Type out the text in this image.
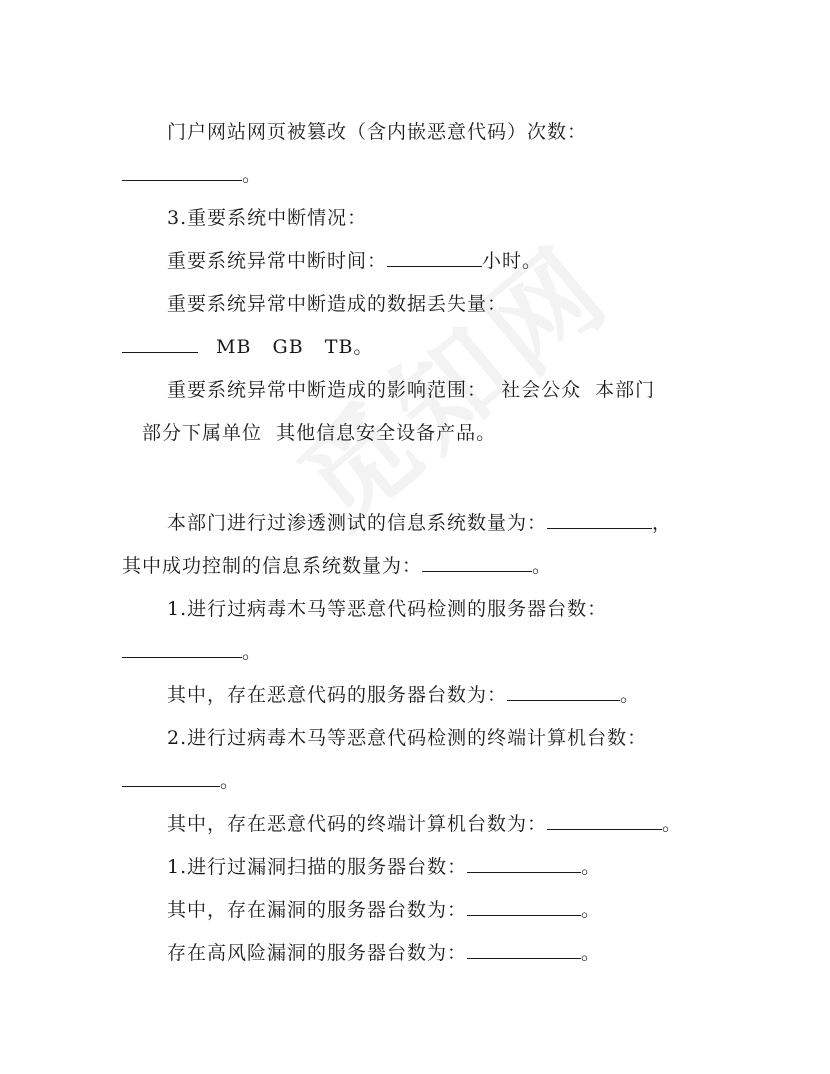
门户网站网页被篡改（含内嵌恶意代码）次数：
。
3.重要系统中断情况：
重要系统异常中断时间：	小时。
重要系统异常中断造成的数据丢失量：
MB   GB   TB。
重要系统异常中断造成的影响范围：  社会公众  本部门
部分下属单位  其他信息安全设备产品。
本部门进行过渗透测试的信息系统数量为：	，
其中成功控制的信息系统数量为：	。
1.进行过病毒木马等恶意代码检测的服务器台数：
。
其中，存在恶意代码的服务器台数为：	。
2.进行过病毒木马等恶意代码检测的终端计算机台数：
。
其中，存在恶意代码的终端计算机台数为：	。
1.进行过漏洞扫描的服务器台数：	。
其中，存在漏洞的服务器台数为：	。
存在高风险漏洞的服务器台数为：	。
